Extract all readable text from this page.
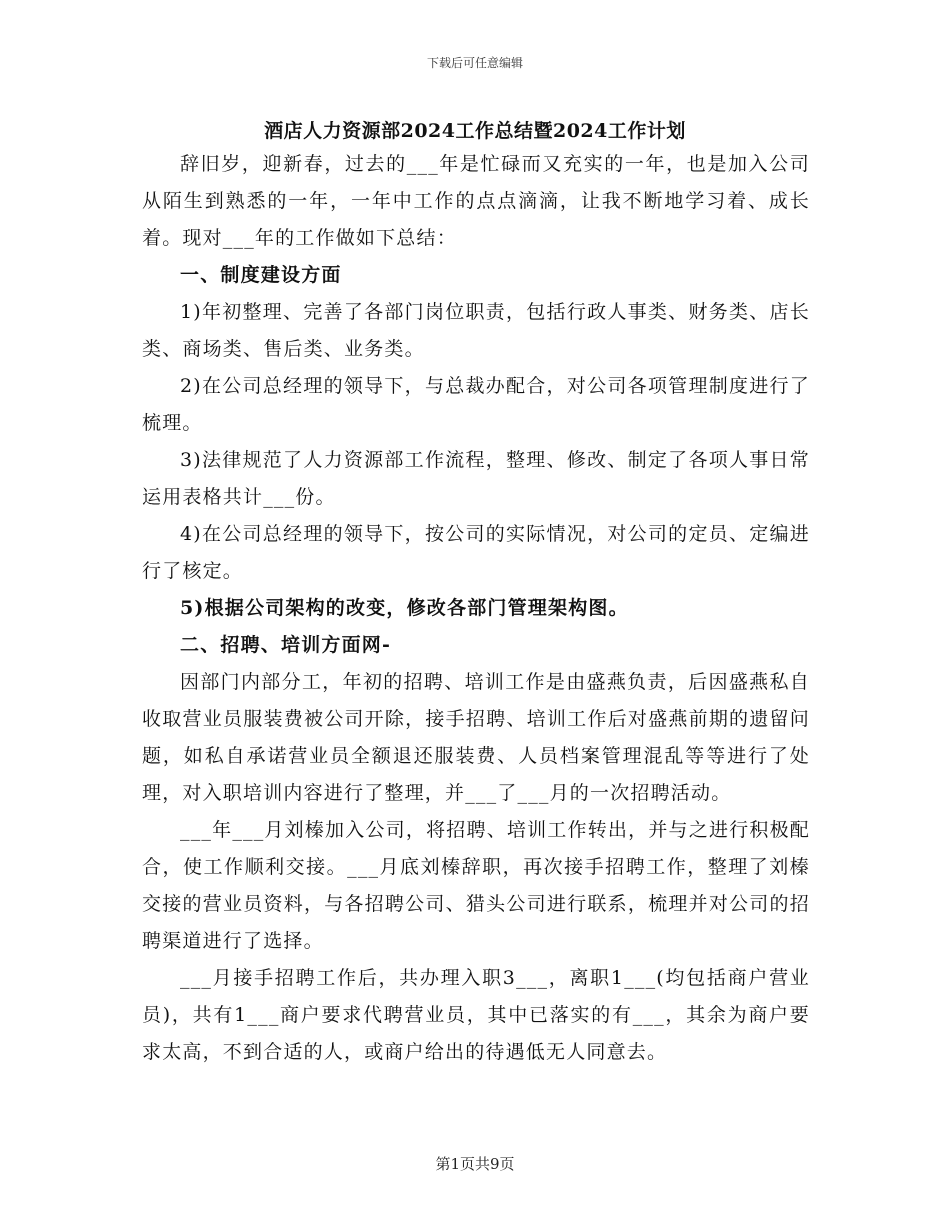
下载后可任意编辑
酒店人力资源部2024工作总结暨2024工作计划

辞旧岁，迎新春，过去的___年是忙碌而又充实的一年，也是加入公司从陌生到熟悉的一年，一年中工作的点点滴滴，让我不断地学习着、成长着。现对___年的工作做如下总结：

一、制度建设方面

1)年初整理、完善了各部门岗位职责，包括行政人事类、财务类、店长类、商场类、售后类、业务类。

2)在公司总经理的领导下，与总裁办配合，对公司各项管理制度进行了梳理。

3)法律规范了人力资源部工作流程，整理、修改、制定了各项人事日常运用表格共计___份。

4)在公司总经理的领导下，按公司的实际情况，对公司的定员、定编进行了核定。

5)根据公司架构的改变，修改各部门管理架构图。

二、招聘、培训方面网-

因部门内部分工，年初的招聘、培训工作是由盛燕负责，后因盛燕私自收取营业员服装费被公司开除，接手招聘、培训工作后对盛燕前期的遗留问题，如私自承诺营业员全额退还服装费、人员档案管理混乱等等进行了处理，对入职培训内容进行了整理，并___了___月的一次招聘活动。

___年___月刘榛加入公司，将招聘、培训工作转出，并与之进行积极配合，使工作顺利交接。___月底刘榛辞职，再次接手招聘工作，整理了刘榛交接的营业员资料，与各招聘公司、猎头公司进行联系，梳理并对公司的招聘渠道进行了选择。

___月接手招聘工作后，共办理入职3___，离职1___(均包括商户营业员)，共有1___商户要求代聘营业员，其中已落实的有___，其余为商户要求太高，不到合适的人，或商户给出的待遇低无人同意去。

第1页共9页
